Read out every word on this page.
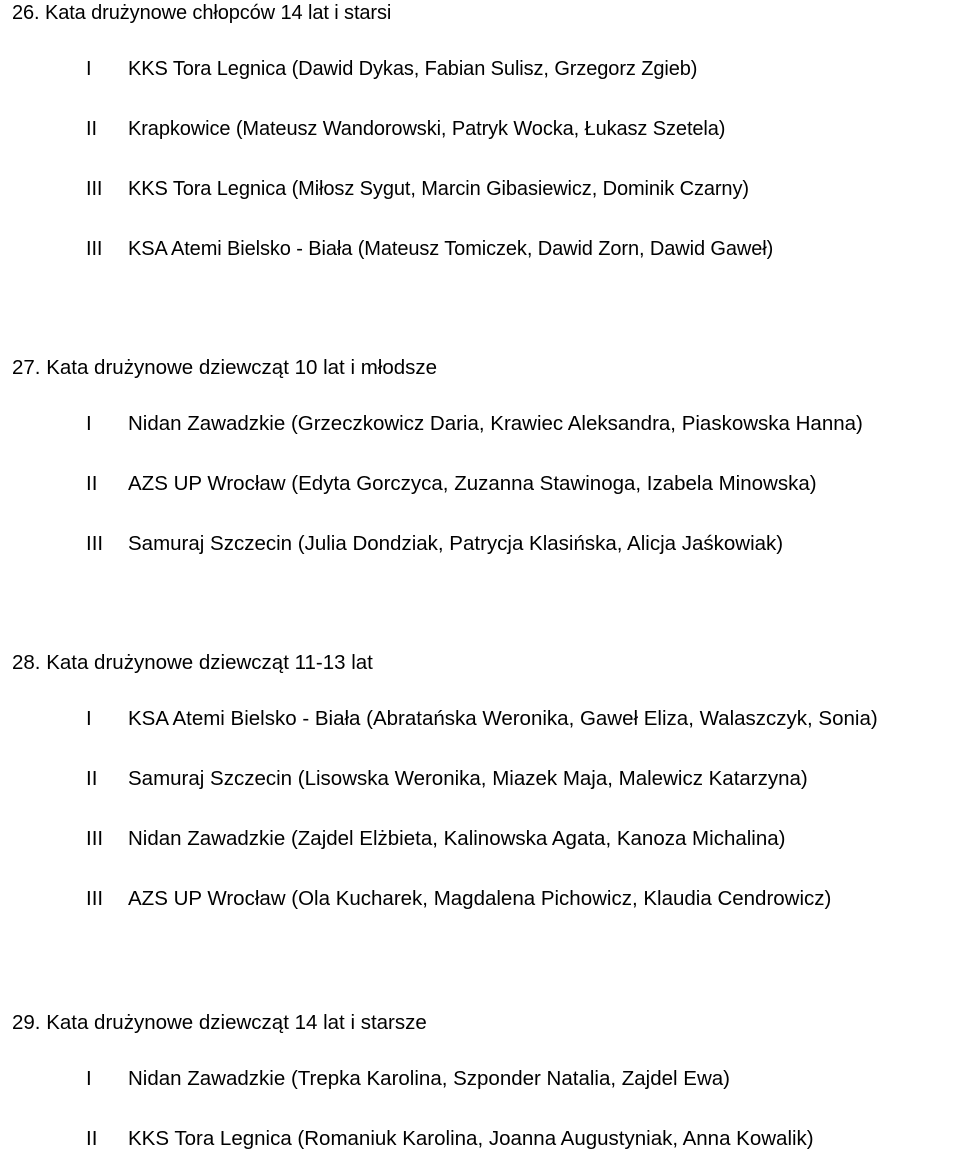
26. Kata drużynowe chłopców 14 lat i starsi
I KKS Tora Legnica (Dawid Dykas, Fabian Sulisz, Grzegorz Zgieb)
II Krapkowice (Mateusz Wandorowski, Patryk Wocka, Łukasz Szetela)
III KKS Tora Legnica (Miłosz Sygut, Marcin Gibasiewicz, Dominik Czarny)
III KSA Atemi Bielsko - Biała (Mateusz Tomiczek, Dawid Zorn, Dawid Gaweł)
27. Kata drużynowe dziewcząt 10 lat i młodsze
I Nidan Zawadzkie (Grzeczkowicz Daria, Krawiec Aleksandra, Piaskowska Hanna)
II AZS UP Wrocław (Edyta Gorczyca, Zuzanna Stawinoga, Izabela Minowska)
III Samuraj Szczecin (Julia Dondziak, Patrycja Klasińska, Alicja Jaśkowiak)
28. Kata drużynowe dziewcząt 11-13 lat
I KSA Atemi Bielsko - Biała (Abratańska Weronika, Gaweł Eliza, Walaszczyk, Sonia)
II Samuraj Szczecin (Lisowska Weronika, Miazek Maja, Malewicz Katarzyna)
III Nidan Zawadzkie (Zajdel Elżbieta, Kalinowska Agata, Kanoza Michalina)
III AZS UP Wrocław (Ola Kucharek, Magdalena Pichowicz, Klaudia Cendrowicz)
29. Kata drużynowe dziewcząt 14 lat i starsze
I Nidan Zawadzkie (Trepka Karolina, Szponder Natalia, Zajdel Ewa)
II KKS Tora Legnica (Romaniuk Karolina, Joanna Augustyniak, Anna Kowalik)
